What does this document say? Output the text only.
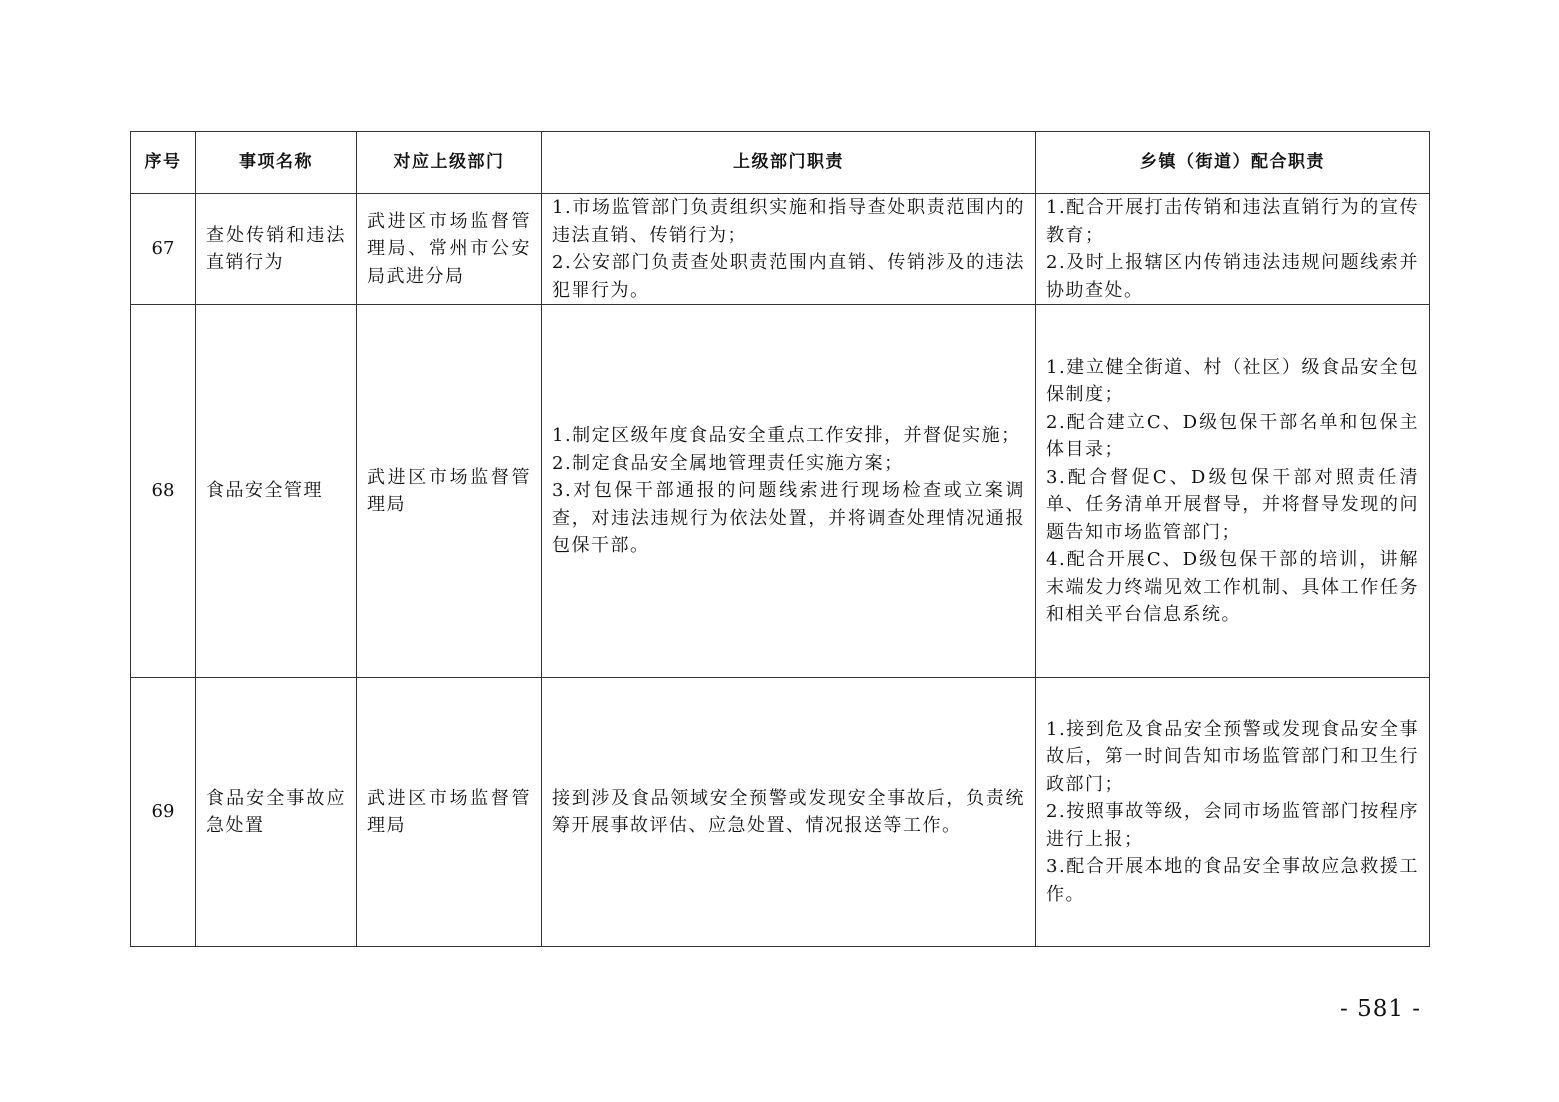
序号	事项名称	对应上级部门	上级部门职责	乡镇（街道）配合职责
67	查处传销和违法直销行为	武进区市场监督管理局、常州市公安局武进分局	1.市场监管部门负责组织实施和指导查处职责范围内的违法直销、传销行为；
2.公安部门负责查处职责范围内直销、传销涉及的违法犯罪行为。	1.配合开展打击传销和违法直销行为的宣传教育；
2.及时上报辖区内传销违法违规问题线索并协助查处。

68	食品安全管理	武进区市场监督管理局	1.制定区级年度食品安全重点工作安排，并督促实施；
2.制定食品安全属地管理责任实施方案；
3.对包保干部通报的问题线索进行现场检查或立案调查，对违法违规行为依法处置，并将调查处理情况通报包保干部。	1.建立健全街道、村（社区）级食品安全包保制度；
2.配合建立C、D级包保干部名单和包保主体目录；
3.配合督促C、D级包保干部对照责任清单、任务清单开展督导，并将督导发现的问题告知市场监管部门；
4.配合开展C、D级包保干部的培训，讲解末端发力终端见效工作机制、具体工作任务和相关平台信息系统。

69	食品安全事故应急处置	武进区市场监督管理局	接到涉及食品领域安全预警或发现安全事故后，负责统筹开展事故评估、应急处置、情况报送等工作。	1.接到危及食品安全预警或发现食品安全事故后，第一时间告知市场监管部门和卫生行政部门；
2.按照事故等级，会同市场监管部门按程序进行上报；
3.配合开展本地的食品安全事故应急救援工作。
- 581 -
